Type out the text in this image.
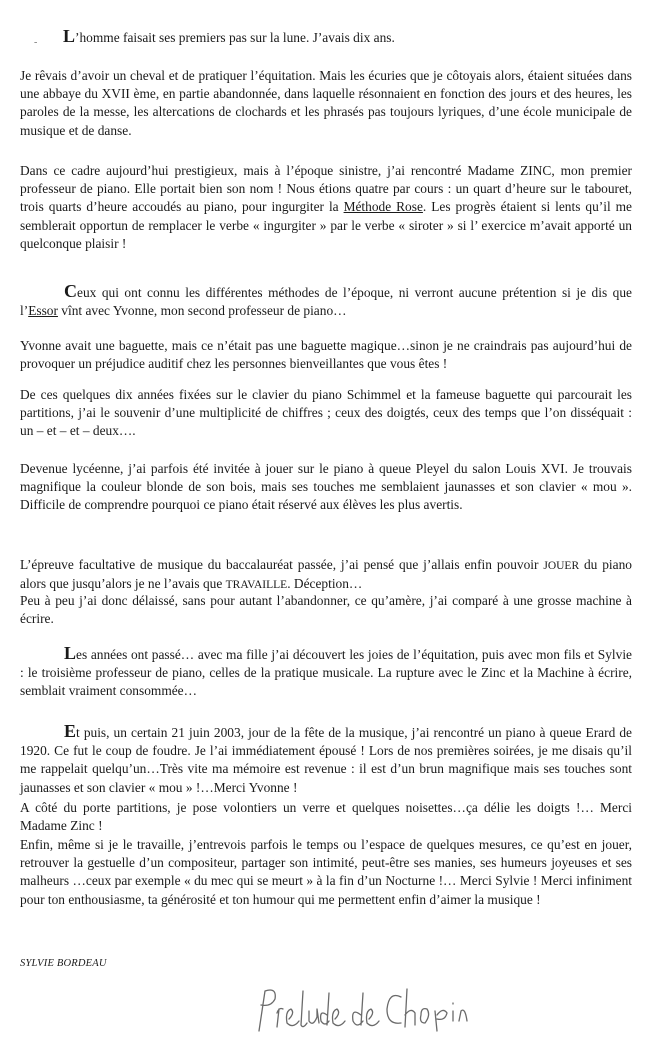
- L’homme faisait ses premiers pas sur la lune. J’avais dix ans.

Je rêvais d’avoir un cheval et de pratiquer l’équitation. Mais les écuries que je côtoyais alors, étaient situées dans une abbaye du XVII ème, en partie abandonnée, dans laquelle résonnaient en fonction des jours et des heures, les paroles de la messe, les altercations de clochards et les phrasés pas toujours lyriques, d’une école municipale de musique et de danse.

Dans ce cadre aujourd’hui prestigieux, mais à l’époque sinistre, j’ai rencontré Madame ZINC, mon premier professeur de piano. Elle portait bien son nom ! Nous étions quatre par cours : un quart d’heure sur le tabouret, trois quarts d’heure accoudés au piano, pour ingurgiter la Méthode Rose. Les progrès étaient si lents qu’il me semblerait opportun de remplacer le verbe « ingurgiter » par le verbe « siroter » si l’ exercice m’avait apporté un quelconque plaisir !

Ceux qui ont connu les différentes méthodes de l’époque, ni verront aucune prétention si je dis que l’Essor vînt avec Yvonne, mon second professeur de piano…

Yvonne avait une baguette, mais ce n’était pas une baguette magique…sinon je ne craindrais pas aujourd’hui de provoquer un préjudice auditif chez les personnes bienveillantes que vous êtes !

De ces quelques dix années fixées sur le clavier du piano Schimmel et la fameuse baguette qui parcourait les partitions, j’ai le souvenir d’une multiplicité de chiffres ; ceux des doigtés, ceux des temps que l’on disséquait : un – et – et – deux….

Devenue lycéenne, j’ai parfois été invitée à jouer sur le piano à queue Pleyel du salon Louis XVI. Je trouvais magnifique la couleur blonde de son bois, mais ses touches me semblaient jaunasses et son clavier « mou ». Difficile de comprendre pourquoi ce piano était réservé aux élèves les plus avertis.

L’épreuve facultative de musique du baccalauréat passée, j’ai pensé que j’allais enfin pouvoir JOUER du piano alors que jusqu’alors je ne l’avais que TRAVAILLE. Déception…

Peu à peu j’ai donc délaissé, sans pour autant l’abandonner, ce qu’amère, j’ai comparé à une grosse machine à écrire.

Les années ont passé… avec ma fille j’ai découvert les joies de l’équitation, puis avec mon fils et Sylvie : le troisième professeur de piano, celles de la pratique musicale. La rupture avec le Zinc et la Machine à écrire, semblait vraiment consommée…

Et puis, un certain 21 juin 2003, jour de la fête de la musique, j’ai rencontré un piano à queue Erard de 1920. Ce fut le coup de foudre. Je l’ai immédiatement épousé ! Lors de nos premières soirées, je me disais qu’il me rappelait quelqu’un…Très vite ma mémoire est revenue : il est d’un brun magnifique mais ses touches sont jaunasses et son clavier « mou » !…Merci Yvonne !

A côté du porte partitions, je pose volontiers un verre et quelques noisettes…ça délie les doigts !… Merci Madame Zinc !

Enfin, même si je le travaille, j’entrevois parfois le temps ou l’espace de quelques mesures, ce qu’est en jouer, retrouver la gestuelle d’un compositeur, partager son intimité, peut-être ses manies, ses humeurs joyeuses et ses malheurs …ceux par exemple « du mec qui se meurt » à la fin d’un Nocturne !… Merci Sylvie ! Merci infiniment pour ton enthousiasme, ta générosité et ton humour qui me permettent enfin d’aimer la musique !

SYLVIE BORDEAU
